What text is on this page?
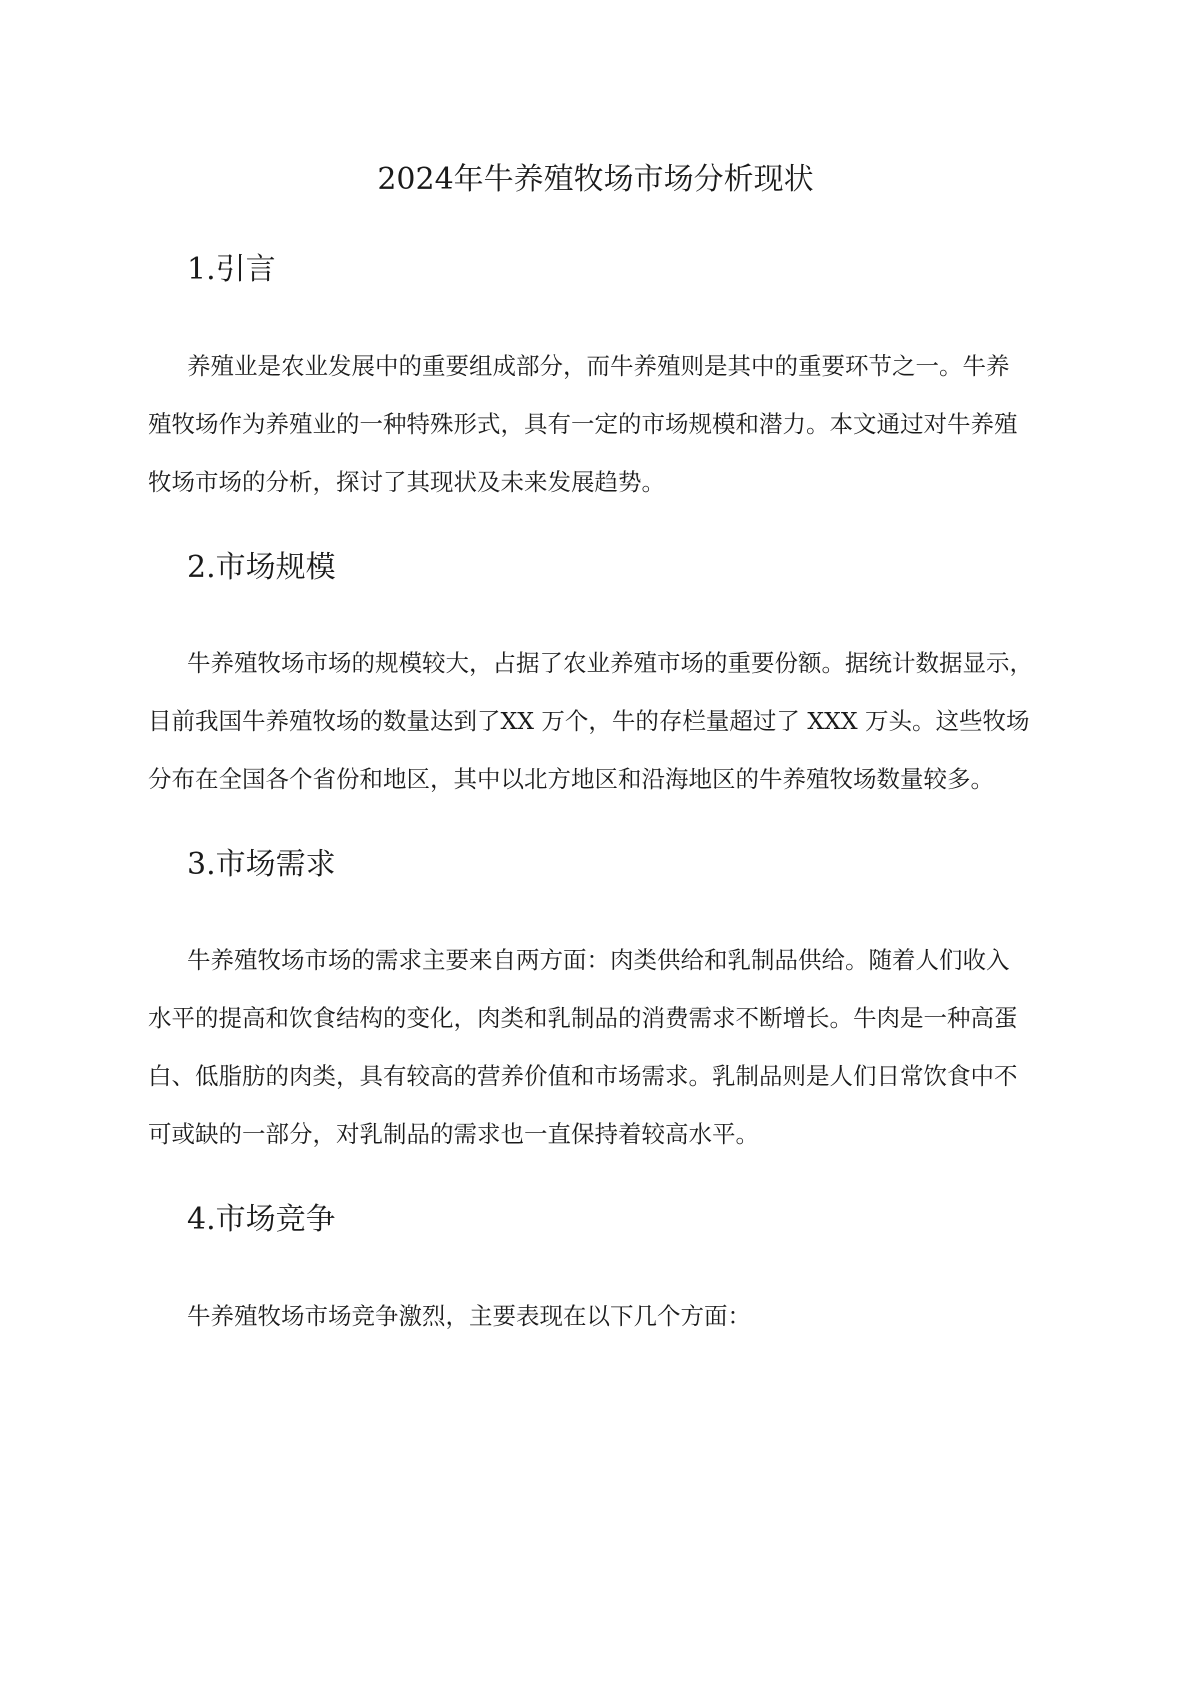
2024年牛养殖牧场市场分析现状
1.引言

养殖业是农业发展中的重要组成部分，而牛养殖则是其中的重要环节之一。牛养
殖牧场作为养殖业的一种特殊形式，具有一定的市场规模和潜力。本文通过对牛养殖
牧场市场的分析，探讨了其现状及未来发展趋势。

2.市场规模

牛养殖牧场市场的规模较大，占据了农业养殖市场的重要份额。据统计数据显示，
目前我国牛养殖牧场的数量达到了XX 万个，牛的存栏量超过了 XXX 万头。这些牧场
分布在全国各个省份和地区，其中以北方地区和沿海地区的牛养殖牧场数量较多。

3.市场需求

牛养殖牧场市场的需求主要来自两方面：肉类供给和乳制品供给。随着人们收入
水平的提高和饮食结构的变化，肉类和乳制品的消费需求不断增长。牛肉是一种高蛋
白、低脂肪的肉类，具有较高的营养价值和市场需求。乳制品则是人们日常饮食中不
可或缺的一部分，对乳制品的需求也一直保持着较高水平。

4.市场竞争

牛养殖牧场市场竞争激烈，主要表现在以下几个方面：
